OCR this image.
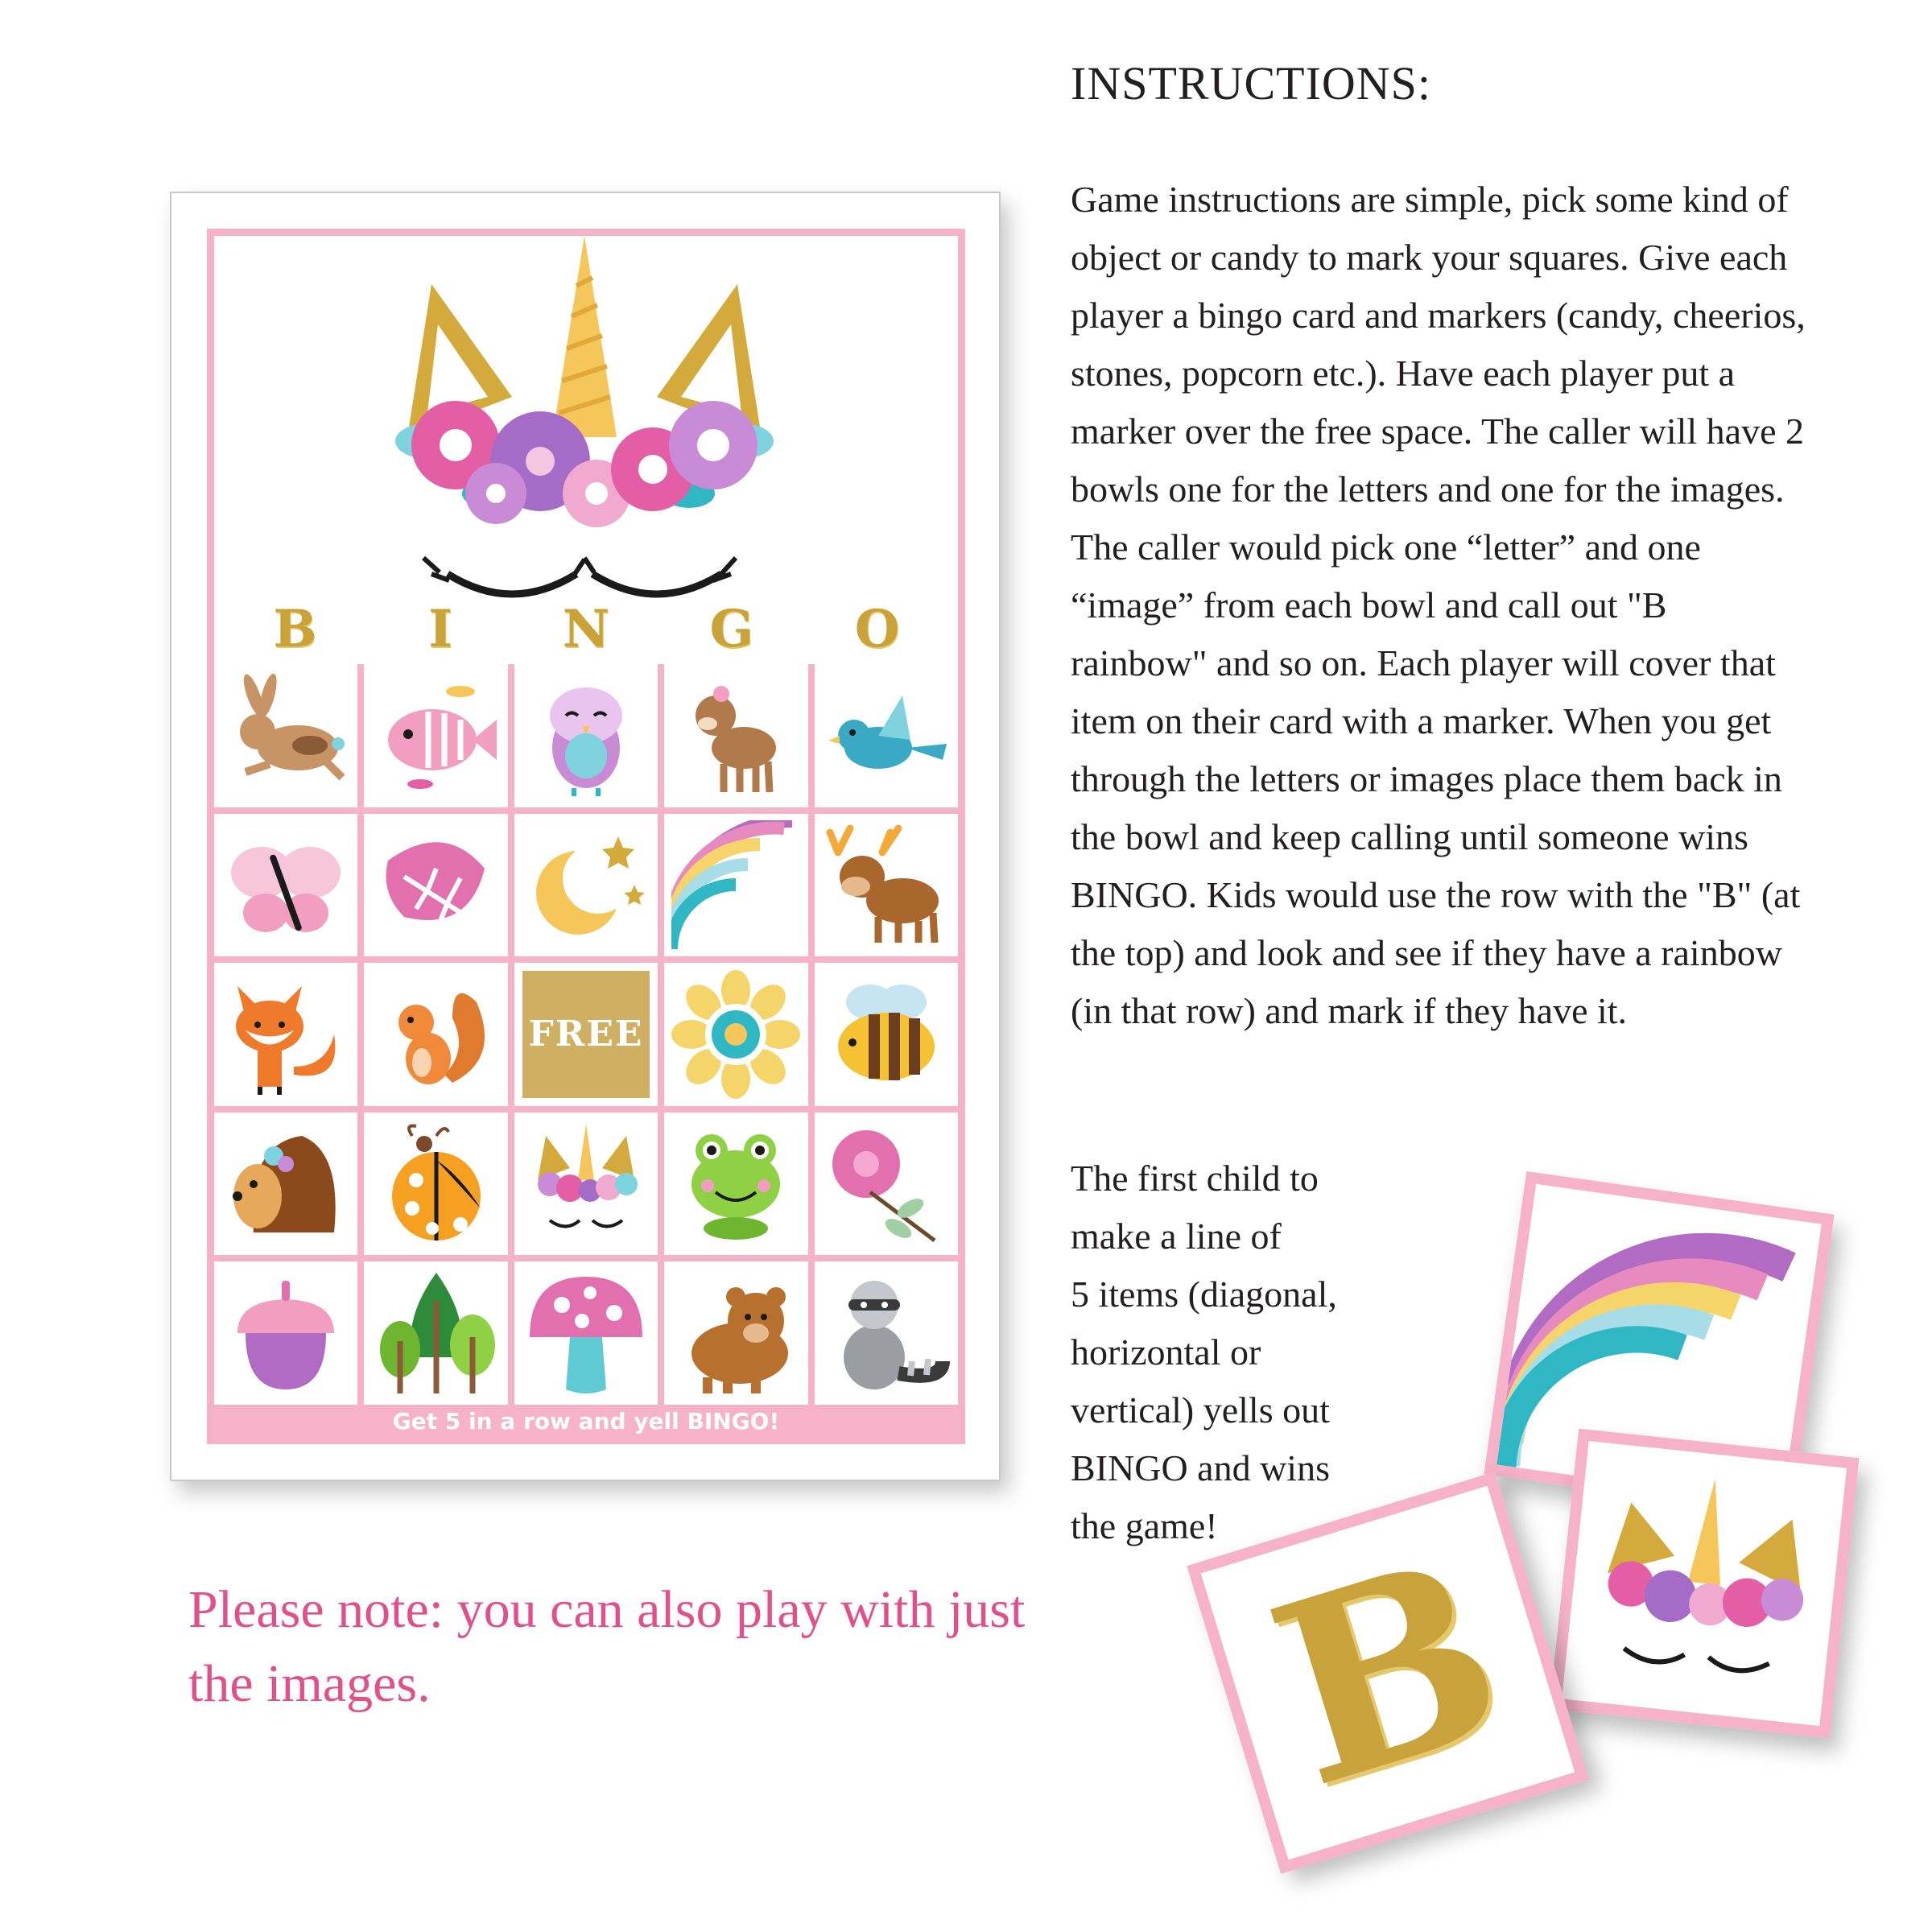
B	I	N	G	O
FREE
Get 5 in a row and yell BINGO!
INSTRUCTIONS:
Game instructions are simple, pick some kind of object or candy to mark your squares. Give each player a bingo card and markers (candy, cheerios, stones, popcorn etc.). Have each player put a marker over the free space. The caller will have 2 bowls one for the letters and one for the images. The caller would pick one “letter” and one “image” from each bowl and call out "B rainbow" and so on. Each player will cover that item on their card with a marker. When you get through the letters or images place them back in the bowl and keep calling until someone wins BINGO. Kids would use the row with the "B" (at the top) and look and see if they have a rainbow (in that row) and mark if they have it.
The first child to
make a line of
5 items (diagonal,
horizontal or
vertical) yells out
BINGO and wins
the game!
Please note: you can also play with just the images.	B
